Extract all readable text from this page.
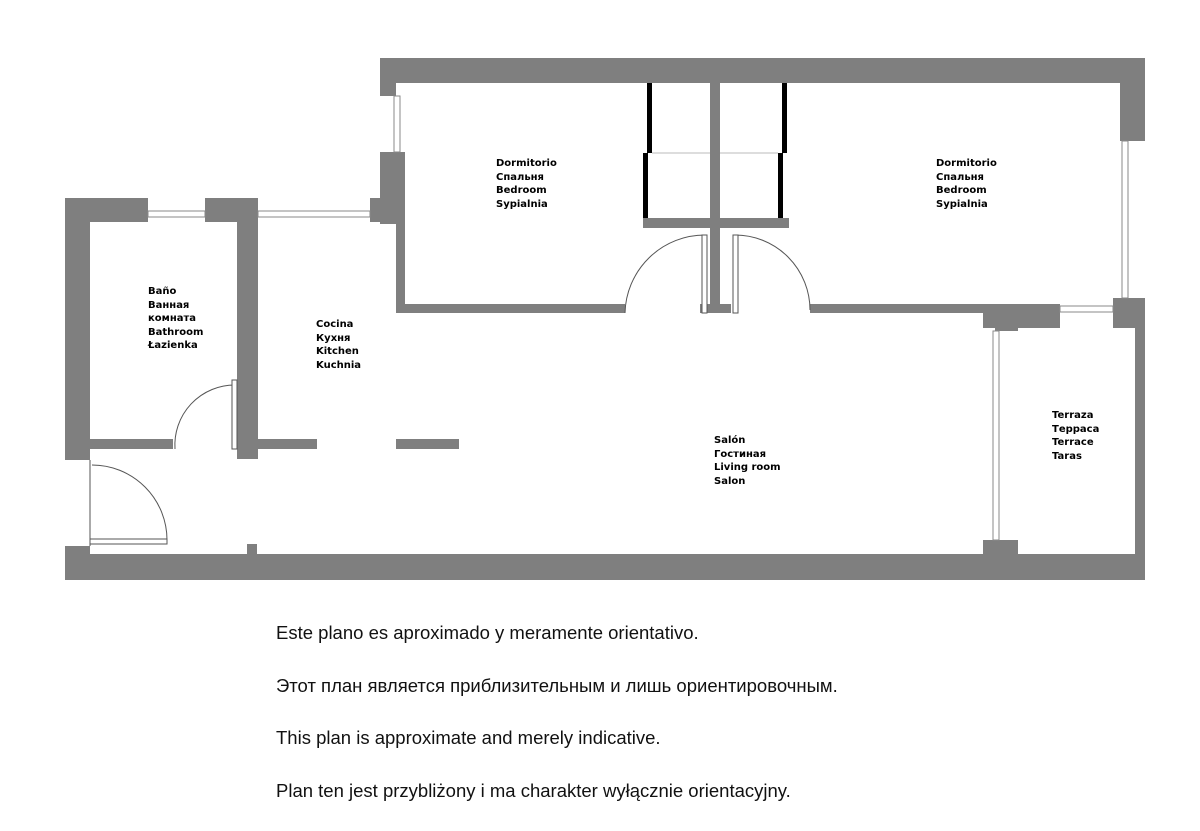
Dormitorio
Спальня
Bedroom
Sypialnia
Dormitorio
Спальня
Bedroom
Sypialnia
Baño
Ванная
комната
Bathroom
Łazienka
Cocina
Кухня
Kitchen
Kuchnia
Salón
Гостиная
Living room
Salon
Terraza
Терраса
Terrace
Taras

Este plano es aproximado y meramente orientativo.

Этот план является приблизительным и лишь ориентировочным.

This plan is approximate and merely indicative.

Plan ten jest przybliżony i ma charakter wyłącznie orientacyjny.
